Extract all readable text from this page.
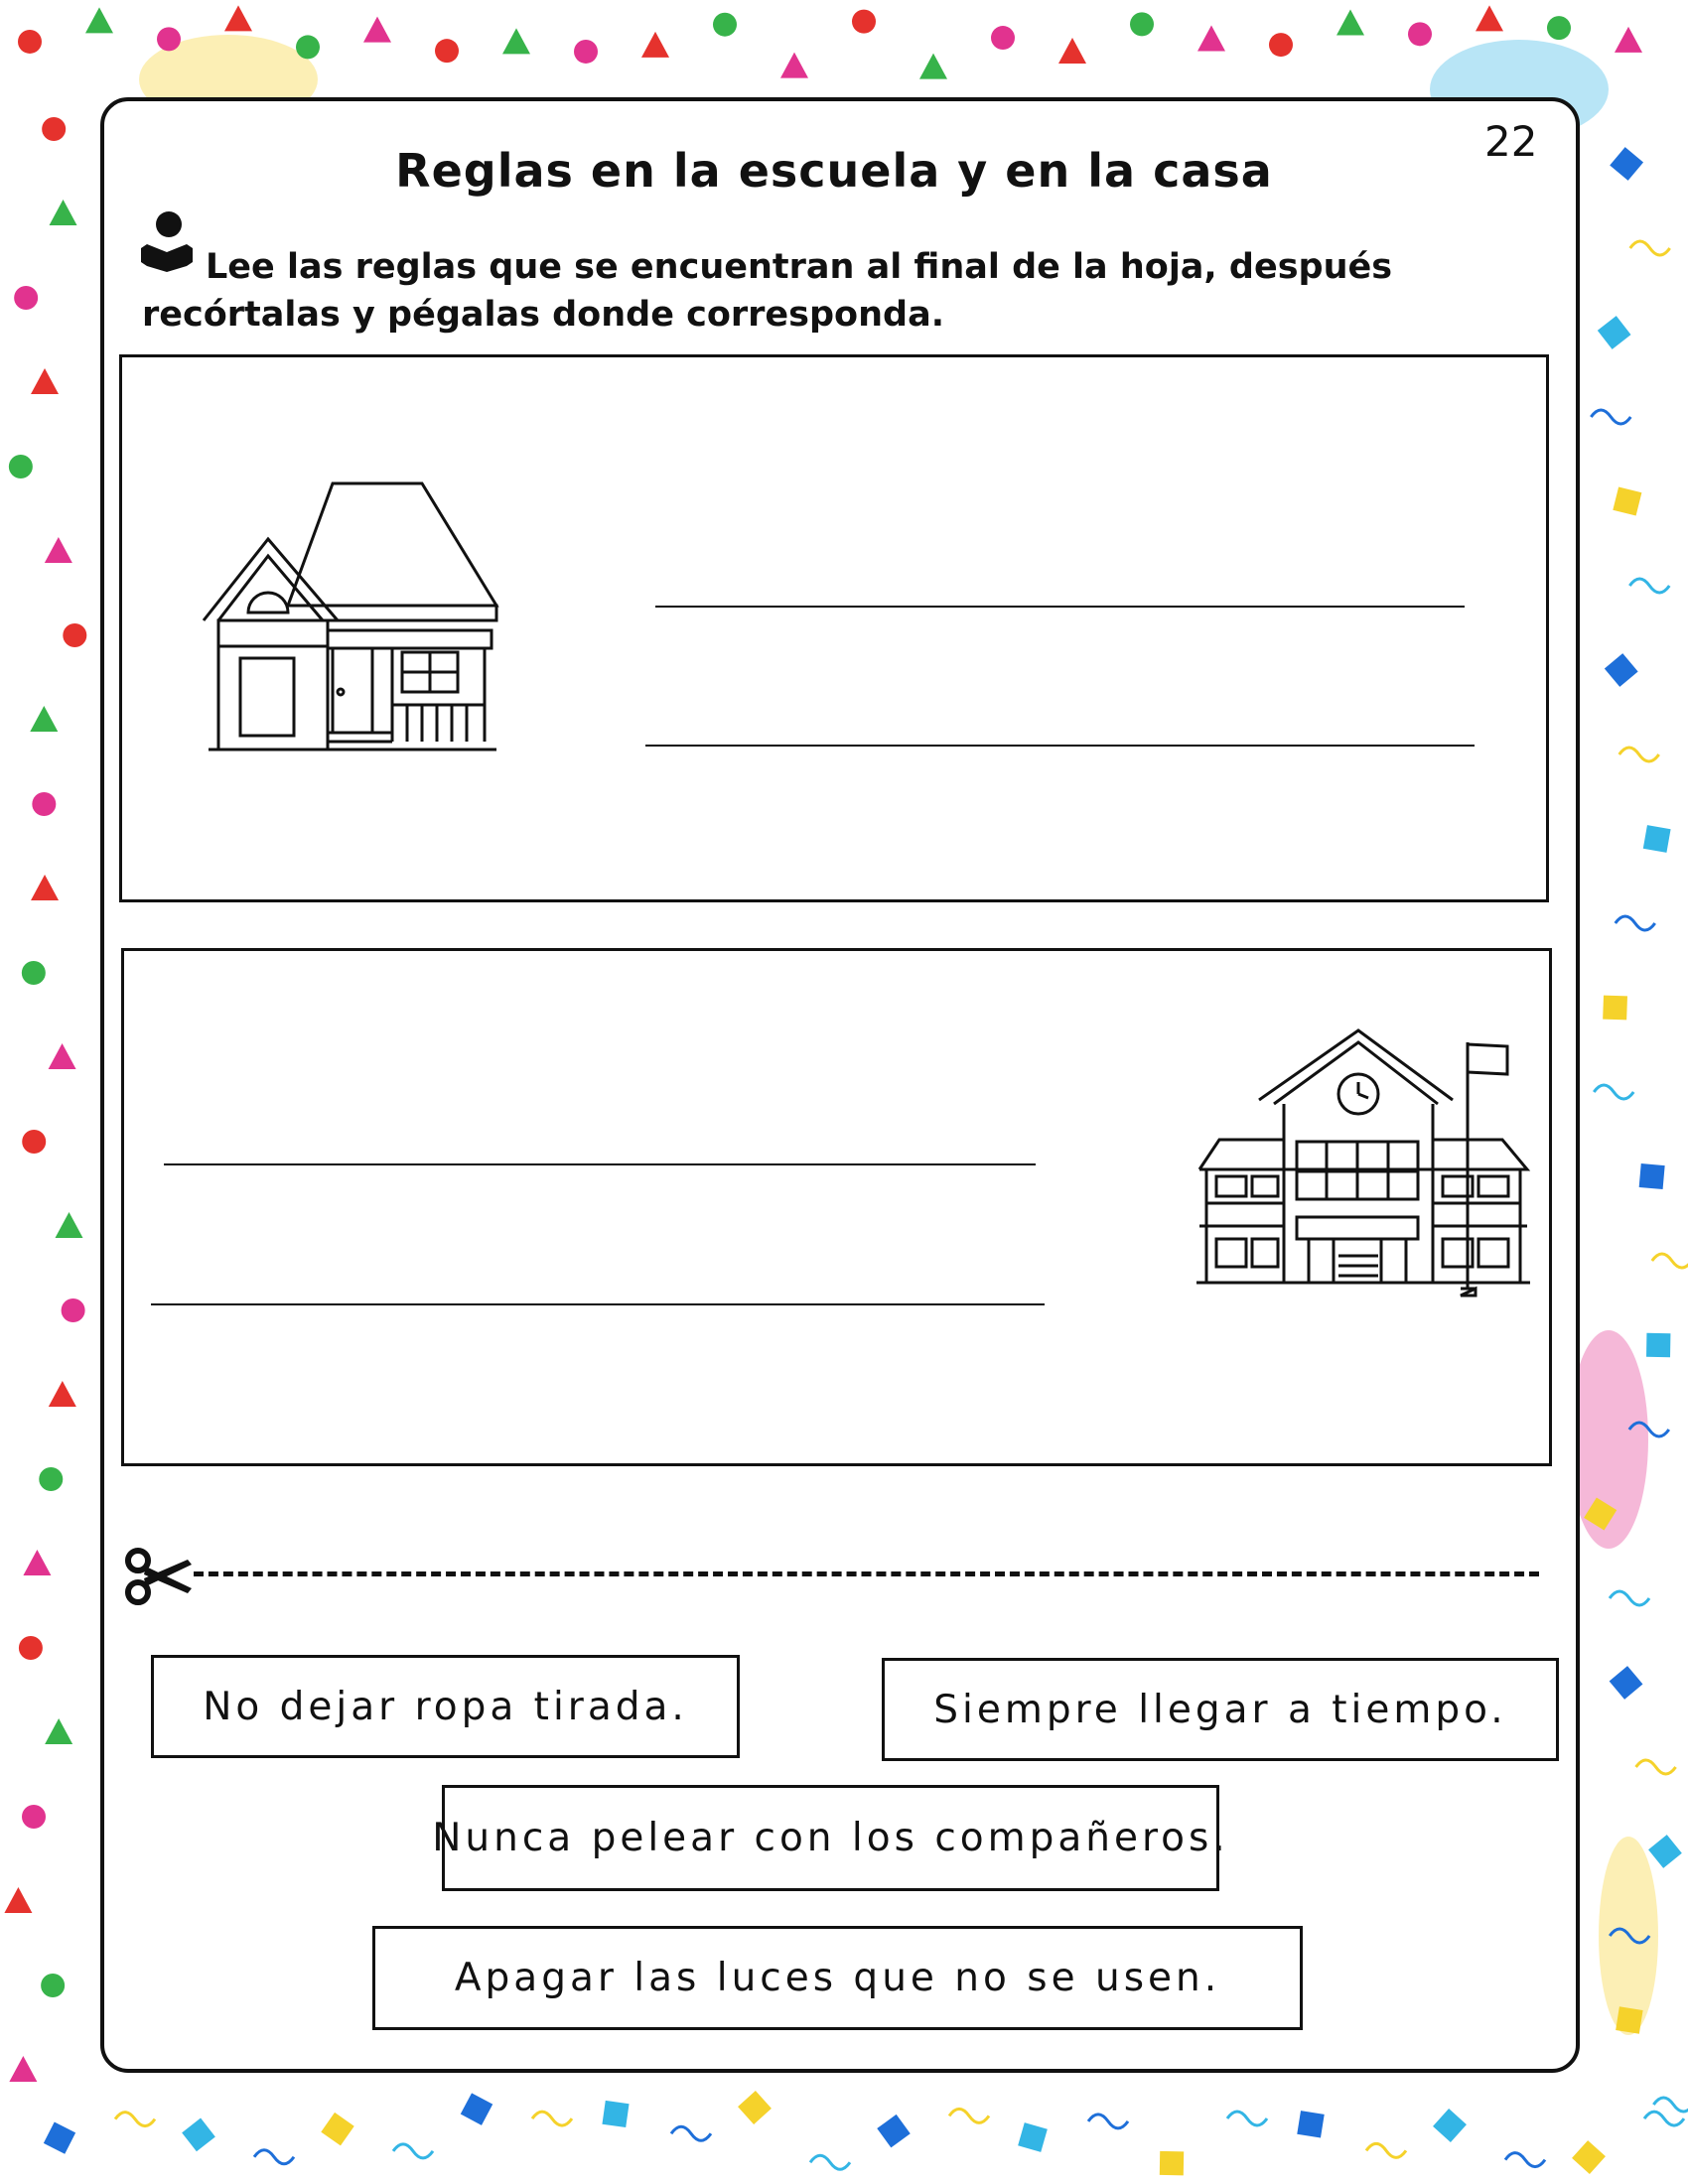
22
Reglas en la escuela y en la casa
Lee las reglas que se encuentran al final de la hoja, después recórtalas y pégalas donde corresponda.
No dejar ropa tirada.	Siempre llegar a tiempo.
Nunca pelear con los compañeros.
Apagar las luces que no se usen.
